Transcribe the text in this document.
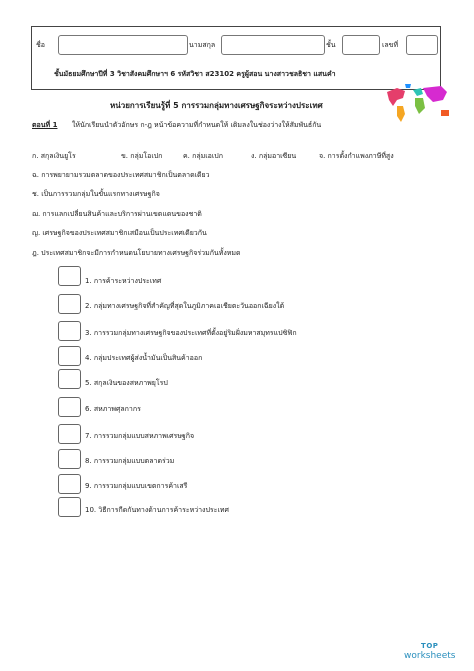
ชื่อ	นามสกุล	ชั้น	เลขที่
ชั้นมัธยมศึกษาปีที่ 3 วิชาสังคมศึกษาฯ 6 รหัสวิชา ส23102 ครูผู้สอน นางสาวชลธิชา แสนคำ
หน่วยการเรียนรู้ที่ 5 การรวมกลุ่มทางเศรษฐกิจระหว่างประเทศ
ตอนที่ 1 ให้นักเรียนนำตัวอักษร ก-ฎ หน้าข้อความที่กำหนดให้ เติมลงในช่องว่างให้สัมพันธ์กัน
ก. สกุลเงินยูโร	ข. กลุ่มโอเปก	ค. กลุ่มเอเปก	ง. กลุ่มอาเซียน	จ. การตั้งกำแพงภาษีที่สูง
ฉ. การพยายามรวมตลาดของประเทศสมาชิกเป็นตลาดเดียว
ช. เป็นการรวมกลุ่มในขั้นแรกทางเศรษฐกิจ
ฌ. การแลกเปลี่ยนสินค้าและบริการผ่านเขตแดนของชาติ
ญ. เศรษฐกิจของประเทศสมาชิกเสมือนเป็นประเทศเดียวกัน
ฎ. ประเทศสมาชิกจะมีการกำหนดนโยบายทางเศรษฐกิจร่วมกันทั้งหมด
1. การค้าระหว่างประเทศ
2. กลุ่มทางเศรษฐกิจที่สำคัญที่สุดในภูมิภาคเอเชียตะวันออกเฉียงใต้
3. การรวมกลุ่มทางเศรษฐกิจของประเทศที่ตั้งอยู่ริมฝั่งมหาสมุทรแปซิฟิก
4. กลุ่มประเทศผู้ส่งน้ำมันเป็นสินค้าออก
5. สกุลเงินของสหภาพยุโรป
6. สหภาพศุลกากร
7. การรวมกลุ่มแบบสหภาพเศรษฐกิจ
8. การรวมกลุ่มแบบตลาดร่วม
9. การรวมกลุ่มแบบเขตการค้าเสรี
10. วิธีการกีดกันทางด้านการค้าระหว่างประเทศ
TOP
worksheets
